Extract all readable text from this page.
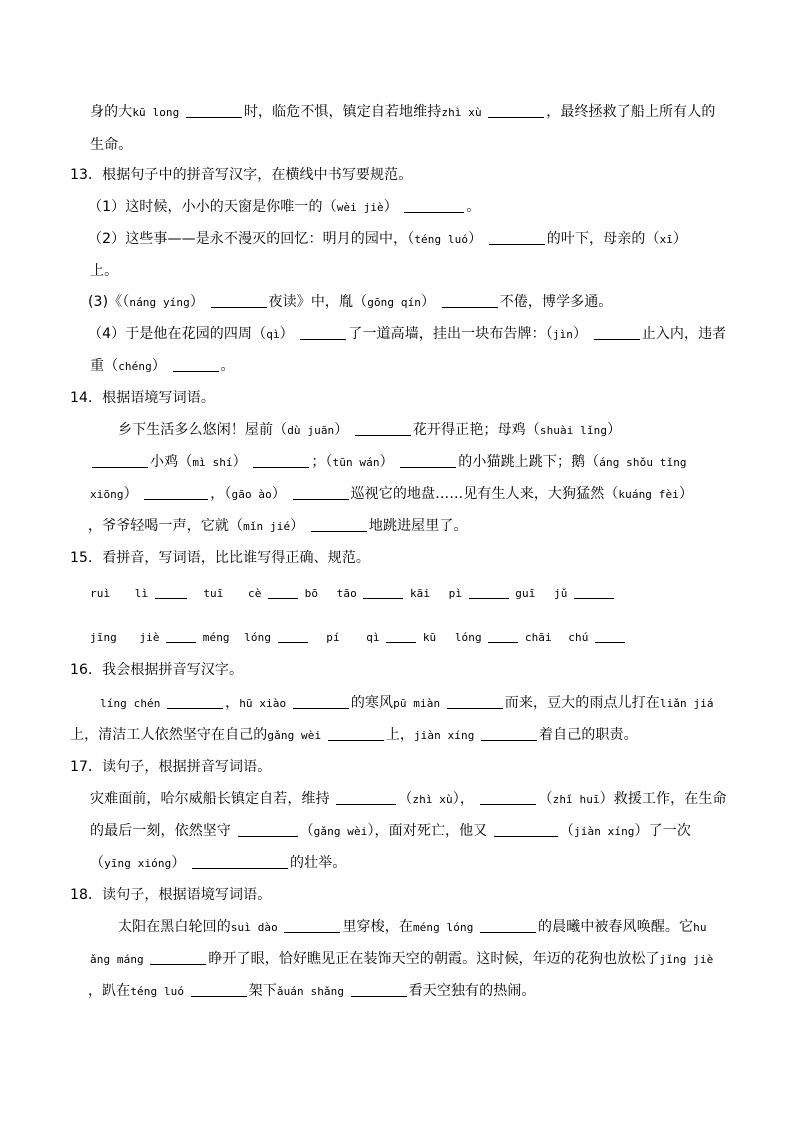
身的大kū long	时，临危不惧，镇定自若地维持zhì xù	，最终拯救了船上所有人的
生命。
13．根据句子中的拼音写汉字，在横线中书写要规范。
（1）这时候，小小的天窗是你唯一的（wèi jiè）	。
（2）这些事——是永不漫灭的回忆：明月的园中，（téng luó）	的叶下，母亲的（xī）
上。
(3)《（náng yíng）	夜读》中，胤（gōng qín）	不倦，博学多通。
（4）于是他在花园的四周（qì）	了一道高墙，挂出一块布告牌：（jìn）	止入内，违者
重（chéng）	。
14．根据语境写词语。
乡下生活多么悠闲！屋前（dù juān）	花开得正艳；母鸡（shuài lǐng）
小鸡（mì shí）	；（tūn wán）	的小猫跳上跳下；鹅（áng shǒu tǐng
xiōng）	，（gāo ào）	巡视它的地盘……见有生人来，大狗猛然（kuáng fèi）
，爷爷轻喝一声，它就（mǐn jié）	地跳进屋里了。
15．看拼音，写词语，比比谁写得正确、规范。
ruì lì	tuī cè	bō tāo	kāi pì	guī jǔ
jīng jiè	méng lóng	pí qì	kū lóng	chāi chú
16．我会根据拼音写汉字。
líng chén	，hū xiào	的寒风pū miàn	而来，豆大的雨点儿打在liǎn jiá
上，清洁工人依然坚守在自己的gǎng wèi	上，jiàn xíng	着自己的职责。
17．读句子，根据拼音写词语。
灾难面前，哈尔威船长镇定自若，维持	（zhì xù），	（zhǐ huī）救援工作，在生命
的最后一刻，依然坚守	（gǎng wèi），面对死亡，他又	（jiàn xíng）了一次
（yīng xióng）	的壮举。
18．读句子，根据语境写词语。
太阳在黑白轮回的suì dào	里穿梭，在méng lóng	的晨曦中被春风唤醒。它hu
ǎng máng	睁开了眼，恰好瞧见正在装饰天空的朝霞。这时候，年迈的花狗也放松了jǐng jiè
，趴在téng luó	架下ǎuán shǎng	看天空独有的热闹。
